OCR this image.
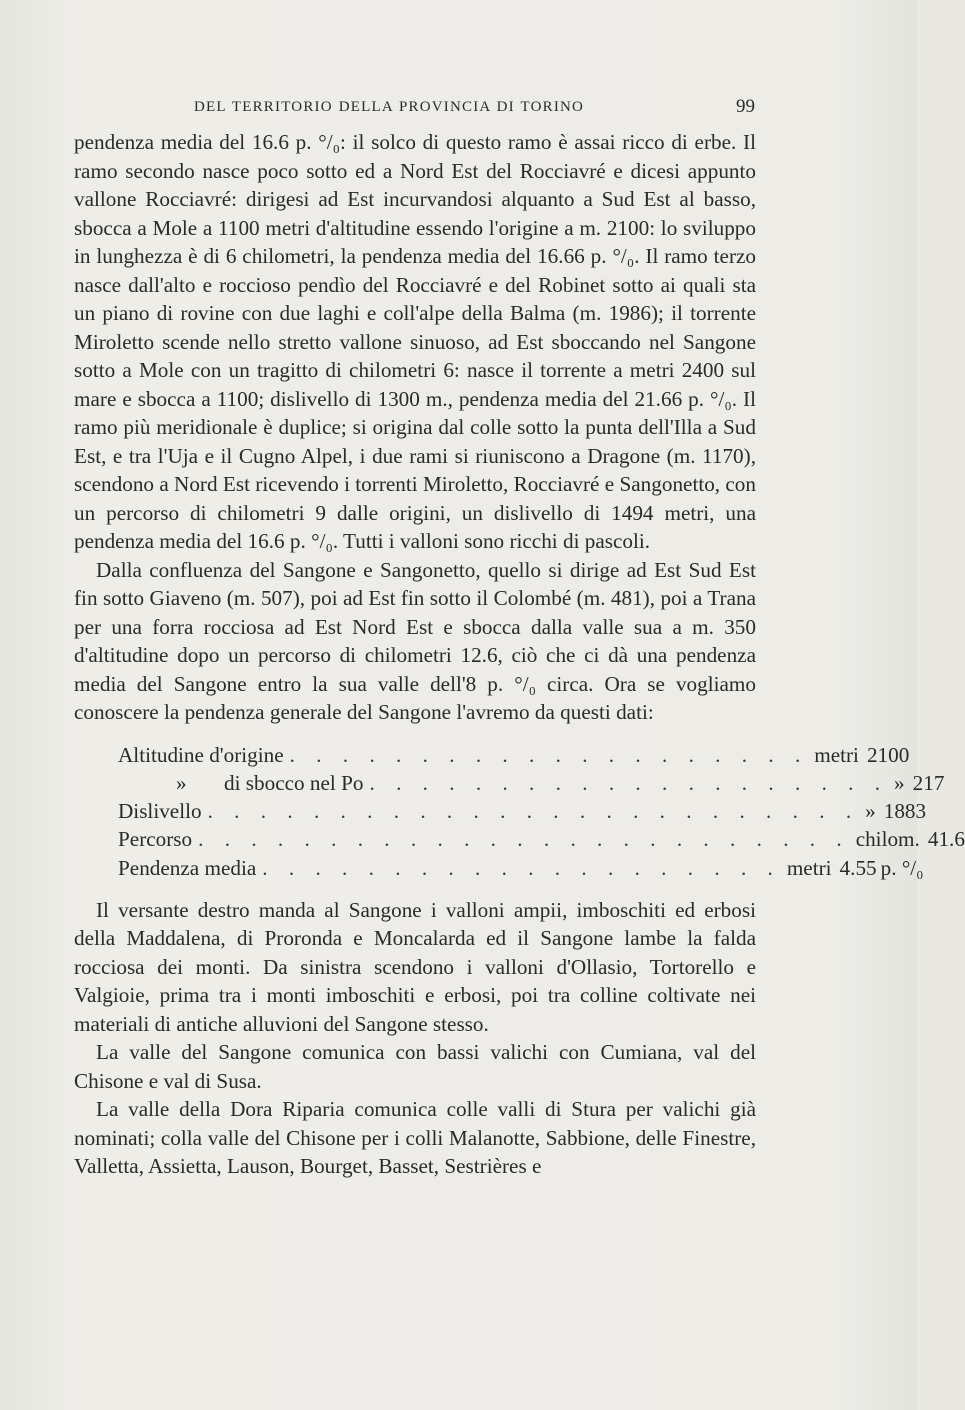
DEL TERRITORIO DELLA PROVINCIA DI TORINO	99

pendenza media del 16.6 p. °/₀: il solco di questo ramo è assai ricco di erbe. Il ramo secondo nasce poco sotto ed a Nord Est del Rocciavré e dicesi appunto vallone Rocciavré: dirigesi ad Est incurvandosi alquanto a Sud Est al basso, sbocca a Mole a 1100 metri d'altitudine essendo l'origine a m. 2100: lo sviluppo in lunghezza è di 6 chilometri, la pendenza media del 16.66 p. °/₀. Il ramo terzo nasce dall'alto e roccioso pendìo del Rocciavré e del Robinet sotto ai quali sta un piano di rovine con due laghi e coll'alpe della Balma (m. 1986); il torrente Miroletto scende nello stretto vallone sinuoso, ad Est sboccando nel Sangone sotto a Mole con un tragitto di chilometri 6: nasce il torrente a metri 2400 sul mare e sbocca a 1100; dislivello di 1300 m., pendenza media del 21.66 p. °/₀. Il ramo più meridionale è duplice; si origina dal colle sotto la punta dell'Illa a Sud Est, e tra l'Uja e il Cugno Alpel, i due rami si riuniscono a Dragone (m. 1170), scendono a Nord Est ricevendo i torrenti Miroletto, Rocciavré e Sangonetto, con un percorso di chilometri 9 dalle origini, un dislivello di 1494 metri, una pendenza media del 16.6 p. °/₀. Tutti i valloni sono ricchi di pascoli.

Dalla confluenza del Sangone e Sangonetto, quello si dirige ad Est Sud Est fin sotto Giaveno (m. 507), poi ad Est fin sotto il Colombé (m. 481), poi a Trana per una forra rocciosa ad Est Nord Est e sbocca dalla valle sua a m. 350 d'altitudine dopo un percorso di chilometri 12.6, ciò che ci dà una pendenza media del Sangone entro la sua valle dell'8 p. °/₀ circa. Ora se vogliamo conoscere la pendenza generale del Sangone l'avremo da questi dati:

Altitudine d'origine . . . . . . . . . . . . . . . . . . . . metri 2100
» di sbocco nel Po . . . . . . . . . . . . . . . . . . . . » 217
Dislivello . . . . . . . . . . . . . . . . . . . . . . . . . » 1883
Percorso . . . . . . . . . . . . . . . . . . . . . . . . . chilom. 41.6
Pendenza media . . . . . . . . . . . . . . . . . . . . metri 4.55 p. °/₀

Il versante destro manda al Sangone i valloni ampii, imboschiti ed erbosi della Maddalena, di Proronda e Moncalarda ed il Sangone lambe la falda rocciosa dei monti. Da sinistra scendono i valloni d'Ollasio, Tortorello e Valgioie, prima tra i monti imboschiti e erbosi, poi tra colline coltivate nei materiali di antiche alluvioni del Sangone stesso.

La valle del Sangone comunica con bassi valichi con Cumiana, val del Chisone e val di Susa.

La valle della Dora Riparia comunica colle valli di Stura per valichi già nominati; colla valle del Chisone per i colli Malanotte, Sabbione, delle Finestre, Valletta, Assietta, Lauson, Bourget, Basset, Sestrières e
